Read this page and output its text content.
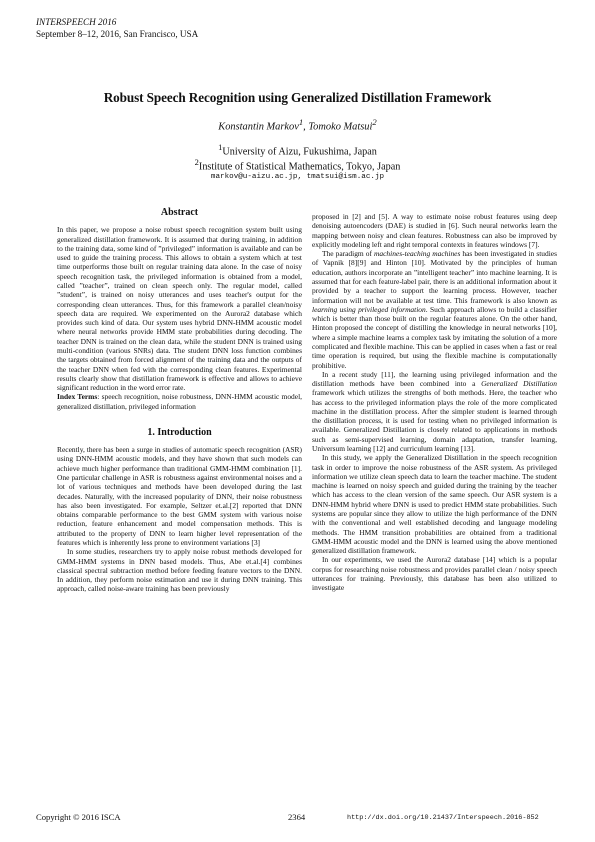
INTERSPEECH 2016
September 8–12, 2016, San Francisco, USA
Robust Speech Recognition using Generalized Distillation Framework
Konstantin Markov$^1$, Tomoko Matsui$^2$
$^1$University of Aizu, Fukushima, Japan
$^2$Institute of Statistical Mathematics, Tokyo, Japan
markov@u-aizu.ac.jp, tmatsui@ism.ac.jp
Abstract

In this paper, we propose a noise robust speech recognition system built using generalized distillation framework. It is assumed that during training, in addition to the training data, some kind of ”privileged” information is available and can be used to guide the training process. This allows to obtain a system which at test time outperforms those built on regular training data alone. In the case of noisy speech recognition task, the privileged information is obtained from a model, called ”teacher”, trained on clean speech only. The regular model, called ”student”, is trained on noisy utterances and uses teacher's output for the corresponding clean utterances. Thus, for this framework a parallel clean/noisy speech data are required. We experimented on the Aurora2 database which provides such kind of data. Our system uses hybrid DNN-HMM acoustic model where neural networks provide HMM state probabilities during decoding. The teacher DNN is trained on the clean data, while the student DNN is trained using multi-condition (various SNRs) data. The student DNN loss function combines the targets obtained from forced alignment of the training data and the outputs of the teacher DNN when fed with the corresponding clean features. Experimental results clearly show that distillation framework is effective and allows to achieve significant reduction in the word error rate.

Index Terms: speech recognition, noise robustness, DNN-HMM acoustic model, generalized distillation, privileged information

1. Introduction

Recently, there has been a surge in studies of automatic speech recognition (ASR) using DNN-HMM acoustic models, and they have shown that such models can achieve much higher performance than traditional GMM-HMM combination [1]. One particular challenge in ASR is robustness against environmental noises and a lot of various techniques and methods have been developed during the last decades. Naturally, with the increased popularity of DNN, their noise robustness has also been investigated. For example, Seltzer et.al.[2] reported that DNN obtains comparable performance to the best GMM system with various noise reduction, feature enhancement and model compensation methods. This is attributed to the property of DNN to learn higher level representation of the features which is inherently less prone to environment variations [3]

In some studies, researchers try to apply noise robust methods developed for GMM-HMM systems in DNN based models. Thus, Abe et.al.[4] combines classical spectral subtraction method before feeding feature vectors to the DNN. In addition, they perform noise estimation and use it during DNN training. This approach, called noise-aware training has been previously

proposed in [2] and [5]. A way to estimate noise robust features using deep denoising autoencoders (DAE) is studied in [6]. Such neural networks learn the mapping between noisy and clean features. Robustness can also be improved by explicitly modeling left and right temporal contexts in features windows [7].

The paradigm of machines-teaching machines has been investigated in studies of Vapnik [8][9] and Hinton [10]. Motivated by the principles of human education, authors incorporate an ”intelligent teacher” into machine learning. It is assumed that for each feature-label pair, there is an additional information about it provided by a teacher to support the learning process. However, teacher information will not be available at test time. This framework is also known as learning using privileged information. Such approach allows to build a classifier which is better than those built on the regular features alone. On the other hand, Hinton proposed the concept of distilling the knowledge in neural networks [10], where a simple machine learns a complex task by imitating the solution of a more complicated and flexible machine. This can be applied in cases when a fast or real time operation is required, but using the flexible machine is computationally prohibitive.

In a recent study [11], the learning using privileged information and the distillation methods have been combined into a Generalized Distillation framework which utilizes the strengths of both methods. Here, the teacher who has access to the privileged information plays the role of the more complicated machine in the distillation process. After the simpler student is learned through the distillation process, it is used for testing when no privileged information is available. Generalized Distillation is closely related to applications in methods such as semi-supervised learning, domain adaptation, transfer learning, Universum learning [12] and curriculum learning [13].

In this study, we apply the Generalized Distillation in the speech recognition task in order to improve the noise robustness of the ASR system. As privileged information we utilize clean speech data to learn the teacher machine. The student machine is learned on noisy speech and guided during the training by the teacher which has access to the clean version of the same speech. Our ASR system is a DNN-HMM hybrid where DNN is used to predict HMM state probabilities. Such systems are popular since they allow to utilize the high performance of the DNN with the conventional and well established decoding and language modeling methods. The HMM transition probabilities are obtained from a traditional GMM-HMM acoustic model and the DNN is learned using the above mentioned generalized distillation framework.

In our experiments, we used the Aurora2 database [14] which is a popular corpus for researching noise robustness and provides parallel clean / noisy speech utterances for training. Previously, this database has been also utilized to investigate

Copyright © 2016 ISCA	2364	http://dx.doi.org/10.21437/Interspeech.2016-852
